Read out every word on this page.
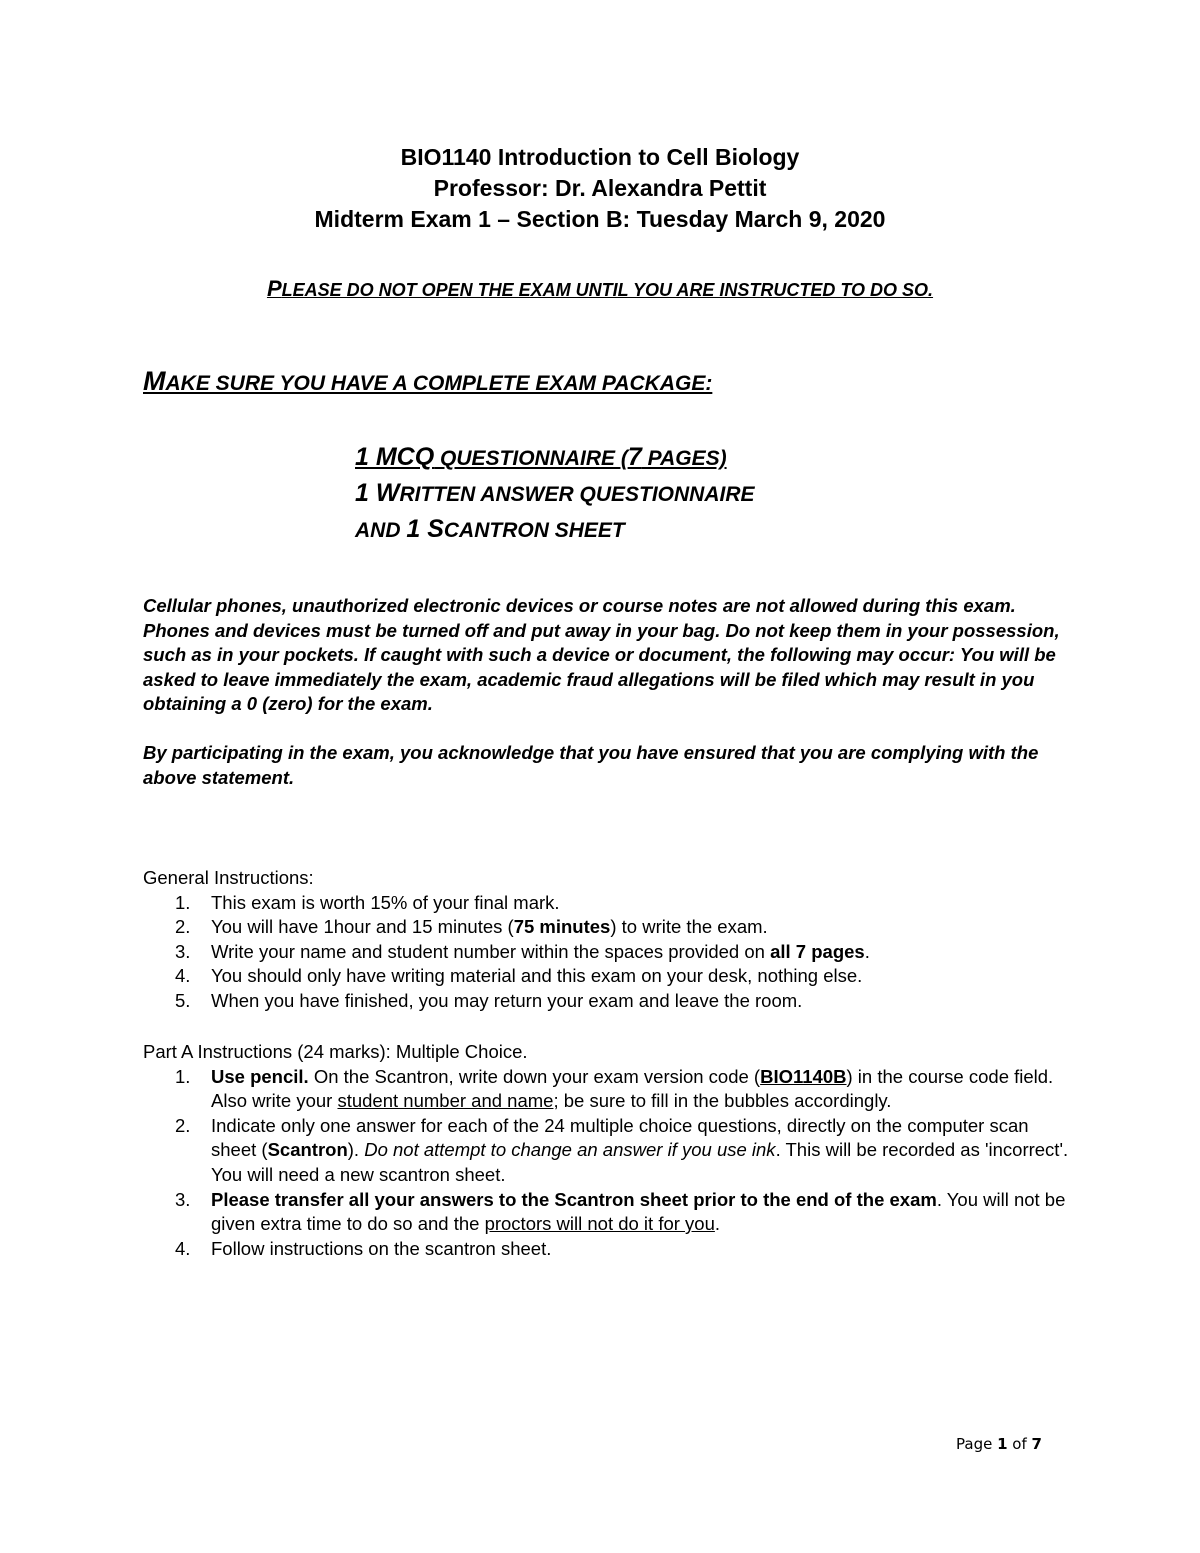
BIO1140 Introduction to Cell Biology
Professor: Dr. Alexandra Pettit
Midterm Exam 1 – Section B: Tuesday March 9, 2020
PLEASE DO NOT OPEN THE EXAM UNTIL YOU ARE INSTRUCTED TO DO SO.
MAKE SURE YOU HAVE A COMPLETE EXAM PACKAGE:
1 MCQ QUESTIONNAIRE (7 PAGES)
1 WRITTEN ANSWER QUESTIONNAIRE
AND 1 SCANTRON SHEET

Cellular phones, unauthorized electronic devices or course notes are not allowed during this exam.

Phones and devices must be turned off and put away in your bag. Do not keep them in your possession, such as in your pockets. If caught with such a device or document, the following may occur: You will be asked to leave immediately the exam, academic fraud allegations will be filed which may result in you obtaining a 0 (zero) for the exam.

By participating in the exam, you acknowledge that you have ensured that you are complying with the above statement.

General Instructions:

1. This exam is worth 15% of your final mark.
2. You will have 1hour and 15 minutes (75 minutes) to write the exam.
3. Write your name and student number within the spaces provided on all 7 pages.
4. You should only have writing material and this exam on your desk, nothing else.
5. When you have finished, you may return your exam and leave the room.

Part A Instructions (24 marks): Multiple Choice.

1. Use pencil. On the Scantron, write down your exam version code (BIO1140B) in the course code field. Also write your student number and name; be sure to fill in the bubbles accordingly.
2. Indicate only one answer for each of the 24 multiple choice questions, directly on the computer scan sheet (Scantron). Do not attempt to change an answer if you use ink. This will be recorded as 'incorrect'. You will need a new scantron sheet.
3. Please transfer all your answers to the Scantron sheet prior to the end of the exam. You will not be given extra time to do so and the proctors will not do it for you.
4. Follow instructions on the scantron sheet.
Page 1 of 7
